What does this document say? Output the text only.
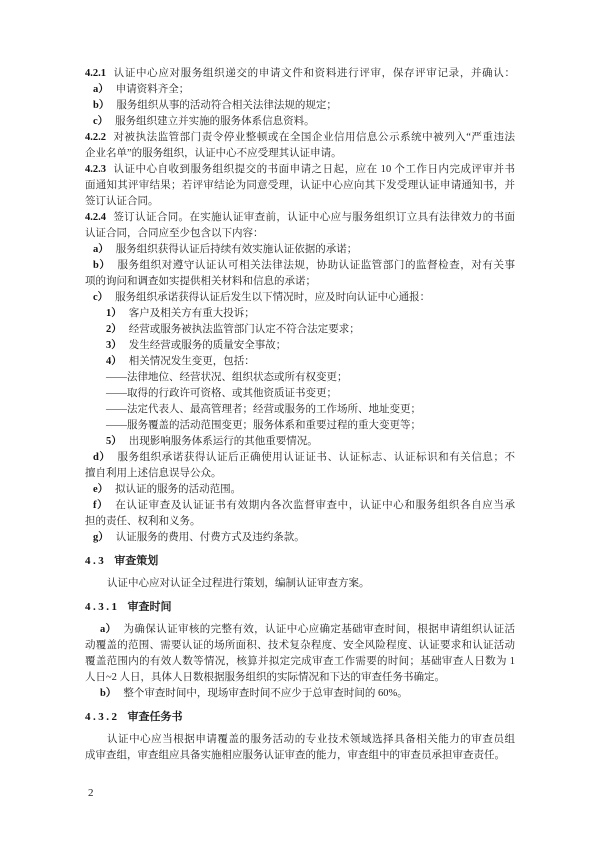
4.2.1 认证中心应对服务组织递交的申请文件和资料进行评审，保存评审记录，并确认：
a） 申请资料齐全；
b） 服务组织从事的活动符合相关法律法规的规定；
c） 服务组织建立并实施的服务体系信息资料。
4.2.2 对被执法监管部门责令停业整顿或在全国企业信用信息公示系统中被列入“严重违法
企业名单”的服务组织，认证中心不应受理其认证申请。
4.2.3 认证中心自收到服务组织提交的书面申请之日起，应在 10 个工作日内完成评审并书
面通知其评审结果；若评审结论为同意受理，认证中心应向其下发受理认证申请通知书，并
签订认证合同。
4.2.4 签订认证合同。在实施认证审查前，认证中心应与服务组织订立具有法律效力的书面
认证合同，合同应至少包含以下内容：
a） 服务组织获得认证后持续有效实施认证依据的承诺；
b） 服务组织对遵守认证认可相关法律法规，协助认证监管部门的监督检查，对有关事
项的询问和调查如实提供相关材料和信息的承诺；
c） 服务组织承诺获得认证后发生以下情况时，应及时向认证中心通报：
1） 客户及相关方有重大投诉；
2） 经营或服务被执法监管部门认定不符合法定要求；
3） 发生经营或服务的质量安全事故；
4） 相关情况发生变更，包括：
——法律地位、经营状况、组织状态或所有权变更；
——取得的行政许可资格、或其他资质证书变更；
——法定代表人、最高管理者；经营或服务的工作场所、地址变更；
——服务覆盖的活动范围变更；服务体系和重要过程的重大变更等；
5） 出现影响服务体系运行的其他重要情况。
d） 服务组织承诺获得认证后正确使用认证证书、认证标志、认证标识和有关信息；不
擅自利用上述信息误导公众。
e） 拟认证的服务的活动范围。
f） 在认证审查及认证证书有效期内各次监督审查中，认证中心和服务组织各自应当承
担的责任、权利和义务。
g） 认证服务的费用、付费方式及违约条款。
4.3 审查策划
认证中心应对认证全过程进行策划，编制认证审查方案。
4.3.1 审查时间
a） 为确保认证审核的完整有效，认证中心应确定基础审查时间，根据申请组织认证活
动覆盖的范围、需要认证的场所面积、技术复杂程度、安全风险程度、认证要求和认证活动
覆盖范围内的有效人数等情况，核算并拟定完成审查工作需要的时间；基础审查人日数为 1
人日~2 人日，具体人日数根据服务组织的实际情况和下达的审查任务书确定。
b） 整个审查时间中，现场审查时间不应少于总审查时间的 60%。
4.3.2 审查任务书
认证中心应当根据申请覆盖的服务活动的专业技术领域选择具备相关能力的审查员组
成审查组，审查组应具备实施相应服务认证审查的能力，审查组中的审查员承担审查责任。
2
